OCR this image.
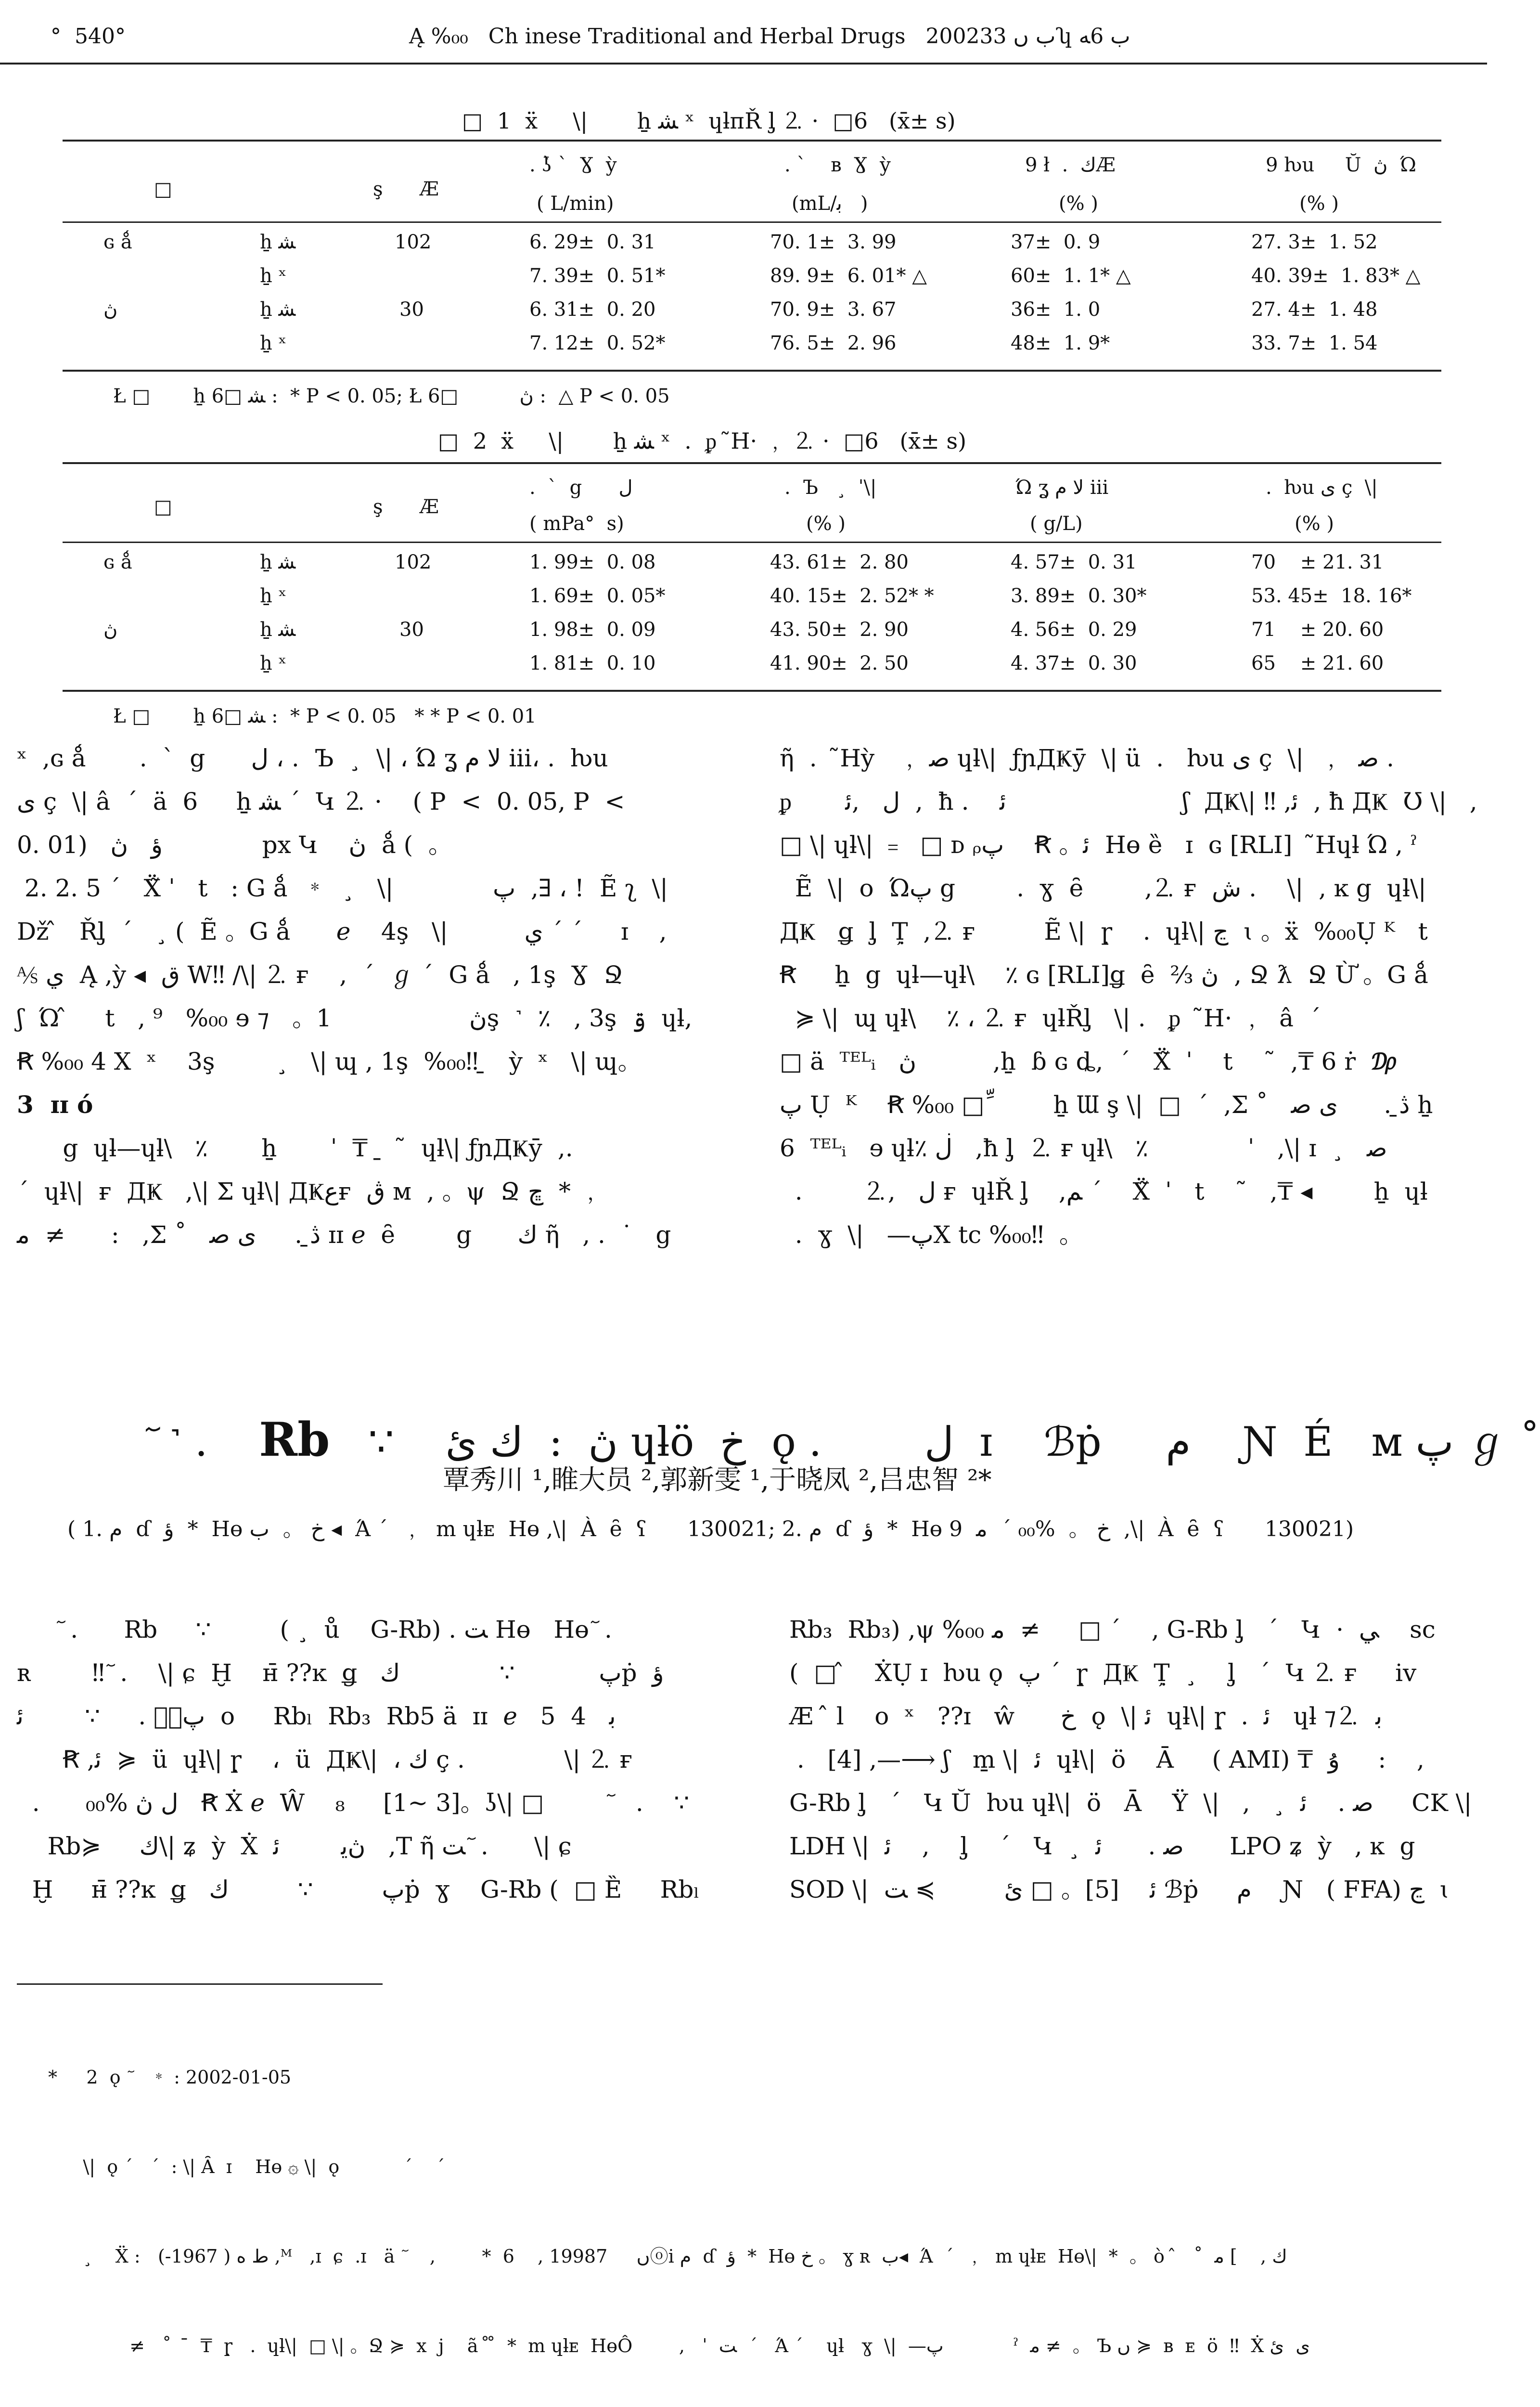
°  540°	Ą %₀₀   Ch inese Traditional and Herbal Drugs   2002ب ں 33ʮ ب 6ﻪ
□  1  ẍ     \|       ẖ ﺸ ˣ  ɥƚпŘ ᶅ ⒉ ·  □6   (x̄± s)
□	ş      Æ
. ʖ̀ `  Ɣ  ỳ	. `    ʙ  Ɣ  ỳ	9 ł  .  ﻙÆ	9 ƕu     Ŭ  ڽ  Ώ
( L/min)	(mL/ﺑ   )	(% )	(% )
ɢ ǻ	ẖ ﺸ	102	6. 29±  0. 31	70. 1±  3. 99	37±  0. 9	27. 3±  1. 52
ẖ ˣ	7. 39±  0. 51*	89. 9±  6. 01* △	60±  1. 1* △	40. 39±  1. 83* △
ڽ	ẖ ﺸ	30	6. 31±  0. 20	70. 9±  3. 67	36±  1. 0	27. 4±  1. 48
ẖ ˣ	7. 12±  0. 52*	76. 5±  2. 96	48±  1. 9*	33. 7±  1. 54
Ł □       ẖ ﺸ □6 :  * P < 0. 05; Ł ڽ          □6 :  △ P < 0. 05
□  2  ẍ     \|       ẖ ﺸ ˣ  .  ᵱ  ̃H· ﹐ ⒉ ·  □6   (x̄± s)
□	ş      Æ
.  `  g      ل	.  Ъ   ¸  ˈ\|	Ώ ʓ ﻻ ﻡ iii	.  ƕu ى ç  \|
( mPa°  s)	(% )	( g/L)	(% )
ɢ ǻ	ẖ ﺸ	102	1. 99±  0. 08	43. 61±  2. 80	4. 57±  0. 31	70    ± 21. 31
ẖ ˣ	1. 69±  0. 05*	40. 15±  2. 52* *	3. 89±  0. 30*	53. 45±  18. 16*
ڽ	ẖ ﺸ	30	1. 98±  0. 09	43. 50±  2. 90	4. 56±  0. 29	71    ± 20. 60
ẖ ˣ	1. 81±  0. 10	41. 90±  2. 50	4. 37±  0. 30	65    ± 21. 60
Ł □       ẖ ﺸ □6 :  * P < 0. 05   * * P < 0. 01
ˣ  ,ɢ ǻ       .  `  g      ل ، .  Ъ  ¸  \| ، Ώ ʓ ﻻ ﻡ iii، .  ƕu
ى ç  \| â  ˊ  ä  6     ẖ ﺸ ˊ  Կ ⒉ ·    ( P  <  0. 05, P  <
0. 01)   ؤ   ڽ             px Կ    ڽ  ǻ (  。
2. 2. 5 ˊ   Ẍ̃ ˈ   t   : G ǻ  ﹡  ¸   \|             پ  ,∃ ، !  Ẽ ʅ  \|
Dž ̂   Řᶅ  ˊ   ¸ (  Ẽ 。G ǻ      ℯ    4ş   \|          ي ˊ ˊ     ɪ    ,
⅍ ي  Ą ,ỳ ◂  ﻕ W‼ /\| ⒉ ғ    ,  ˊ  ℊ ˊ  G ǻ   , 1ş  Ɣ  Ջ
ʃ  Ώ ̂     t   , ⁹   %₀₀ ɘ ⁊   。ڽ                  1ş  ˺  ٪   , 3ş  ۊ  ɥƚ,
Ꞧ %₀₀ 4 X  ˣ    3ş        ¸   \| ɰ , 1ş  %₀₀‼ ̱   ỳ  ˣ   \| ɰ。
3  ɪɪ ó
g  ɥƚ—ɥƚ\   ٪       ẖ       ˈ  ₸  ̱   ̃  ɥƚ\| ƒɲДҜӯ  ,.
ˊ  ɥƚ\|  ғ  ДҜ   ,\| Σ ɥƚ\| ДҜﻉғ  ڨ ᴍ  , 。ψ  Ջ ڇ  * ﹐
ﻣ  ≠      :   ,Σ ˚   ڎ̱ .     ى ﺻ ɪɪ ℯ  ȇ        g      ﻙ ῆ   , .  ˙   g
ῆ  .   ̃Hỳ   ﹐ ﺻ ɥƚ\|  ƒɲДҜӯ  \| ü  .   ƕu ى ç  \|  ﹐  ﺻ .
ᵱ       ل   ,ﺋ  ,  ħ .    ﺋ                       ʃ  ДҜ\| ‼ ,ﺋ  , ħ ДҜ  Ʊ \|   ,
□ \| ɥƚ\| ﹦  □ ᴅ ᵨپ    Ꞧ 。ﺋ  Hɵ ȅ   ɪ  ɢ [RLI]   ̃Hɥƚ Ώ , ˀ
Ẽ  \|  o  Ώپ g        .  ɣ  ȇ        ,⒉ ғ  ﺵ .    \|  , ĸ g  ɥƚ\|
ДҜ   ǥ  ᶅ  Ț̣  ,⒉ ғ         Ẽ \|  ɼ̣    .  ɥƚ\| ڃ  ɩ 。ẍ  %₀₀Ụ ᴷ   t
Ꞧ     ẖ  g  ɥƚ—ɥƚ\    ٪ ɢ [RLI]ǥ  ȇ  ⅔ ڽ  , Ջ ƛ  Ջ Ừ 。G ǻ
≽ \|  ɰ ɥƚ\    ٪ ، ⒉ ғ  ɥƚŘᶅ   \| .   ᵱ   ̃H· ﹐  â  ˊ
□ ä  ᵀᴱᴸᵢ   ڽ          ,ẖ  ɓ ɢ ȡ,  ˊ   Ẍ̃  ˈ    t    ˜  ,₸ 6 ṙ  ₯
پ Ụ  ᴷ    Ꞧ %₀₀ □ ِّ        ẖ Ɯ ş \|  □  ˊ  ,Σ ˚   ڎ̱ .      ى ﺻ ẖ
6  ᵀᴱᴸᵢ   ɘ ɥƚ٪ ڶ   ,ħ ᶅ  ⒉ ғ ɥƚ\   ٪             ˈ   ,\| ɪ  ¸   ﺻ
.        ل   ,⒉ ғ  ɥƚŘ ᶅ    ,ﻢ ˊ    Ẍ̃  ˈ   t    ˜   ,₸ ◂        ẖ  ɥƚ
.  ɣ  \|   —پX tc %₀₀‼  。

ٓ ˺ .    Rb   ∵    ڽ  :  ﻙ ئ ɥƚö  ﺥ  ǫ .        ل  ɪ    ℬṗ     ﻡ    Ɲ  É   ᴍ پ ℊ ˚

覃秀川 ¹,睢大员 ²,郭新雯 ¹,于晓凤 ²,吕忠智 ²*
( 1. ﻡ  ɗ  ؤ  *  Hɵ ﺥ 。  ب ◂  Ά ˊ  ﹐  m ɥƚᴇ  Hɵ ,\|  À  ȇ  ʕ      130021; 2. ﻡ  ɗ  ؤ  *  Hɵ ﺥ 。  %₀₀ ˊ  ﻣ  9  ,\|  À  ȇ  ʕ      130021)
ٓ .      Rb     ∵         ( ¸  ů    G-Rb) . ﺖ Hɵ   Hɵ ٓ .
ʀ        ‼ ٓ .    \| ɕ  Ḫ    ʜ̄ ??ĸ  ǥ   پ           ∵             ﻙṗ  ؤ
پ。ٓ .     ∵        ﺋ  o     Rbₗ  Rb₃  Rb5 ä  ɪɪ  ℯ   5  4   ﺑ
Ꞧ ,ﺋ  ≽  ü  ɥƚ\| ɼ̣    ،  ü  ДҜ\|  ، ﻙ ç .             \| ⒉ ғ
.      ل ڽ %₀₀   Ꞧ Ẋ ℯ  Ŵ    ₈     [1~ 3]。ʖ\| □         ٓ   .    ∵
Rb≽     ﻙ\| ʑ  ỳ  Ẋ  ڽﻳ        ﺋ   ,T ῆ ﺖ ٓ .      \| ɕ
Ḫ     ʜ̄ ??ĸ  ǥ   پ         ∵         ﻙṗ  ɣ    G-Rb (  □ Ȅ     Rbₗ
Rb₃  Rb₃) ,ψ %₀₀ ﻣ  ≠     □ ˊ    , G-Rb ᶅ   ˊ   Կ  ·  ﻲ    sc
(  □ ̂    ẊỤ ɪ  ƕu ǫ  پ ˊ  ɼ̣  ДҜ  Ț̣  ¸    ᶅ   ˊ  Կ ⒉ ғ     iv
Æ  ̂ l    o  ˣ   ??ɪ   ŵ      ﺥ  ǫ  \| ﺋ  ɥƚ\| ɼ̣  .  ﺋ   ɥƚ ⁊ﺑ  ⒉
.   [4] ,—⟶ ʃ   m̱ \|  ﺋ  ɥƚ\|  ö    Ā     ( AMI) ₸  ﯗ     :    ,
G-Rb ᶅ   ˊ   Կ Ŭ  ƕu ɥƚ\|  ö   Ā    Ÿ  \|   ,   ¸  ﺻ .    ﺋ     CK \|
LDH \|  ﺋ    ,    ᶅ    ˊ   Կ  ¸  ﺻ .      ﺋ      LPO ʑ  ỳ   , ĸ  g
SOD \|  ﺋ    [5]。 □ ئ         ≽ ﺖ ℬṗ     ﻡ    Ɲ   ( FFA) ڃ  ɩ

*     2  ǫ  ٓ   ﹡ : 2002-01-05

\|  ǫ ˊ   ˊ  : \| Ȃ  ɪ    Hɵ ۞ \|  ǫ           ˊ    ˊ

¸    Ẍ :   ﻁ ﻩ ( 1967-) ,ᴹ   ,ɪ  ɕ  .ɪ   ä  ٓ    ,        *  6    , 1998ں     7ⓞi ﻡ  ɗ  ؤ  *  Hɵ ﺥ 。 ɣ ʀ  ب◂  Ά  ˊ  ﹐  m ɥƚᴇ  Hɵ\|  *  。 ò  ̂   ˚  ﻙ ,    ] ﻣ

≠   ˚   ̄  ₸  ɼ̣   .  ɥƚ\|  □ \| 。Ջ ≽  x  j    ã  ̊ ̊  *  m ɥƚᴇ  HɵÔ        ,   ˈ  ﺖ  ˊ   Ά ˊ    ɥƚ   ɣ  \|  —پ            ˀ  ﻣ ≠  。 Ъ ں ≽  ʙ  ᴇ  ö  ‼  Ẋ ى  ئ
